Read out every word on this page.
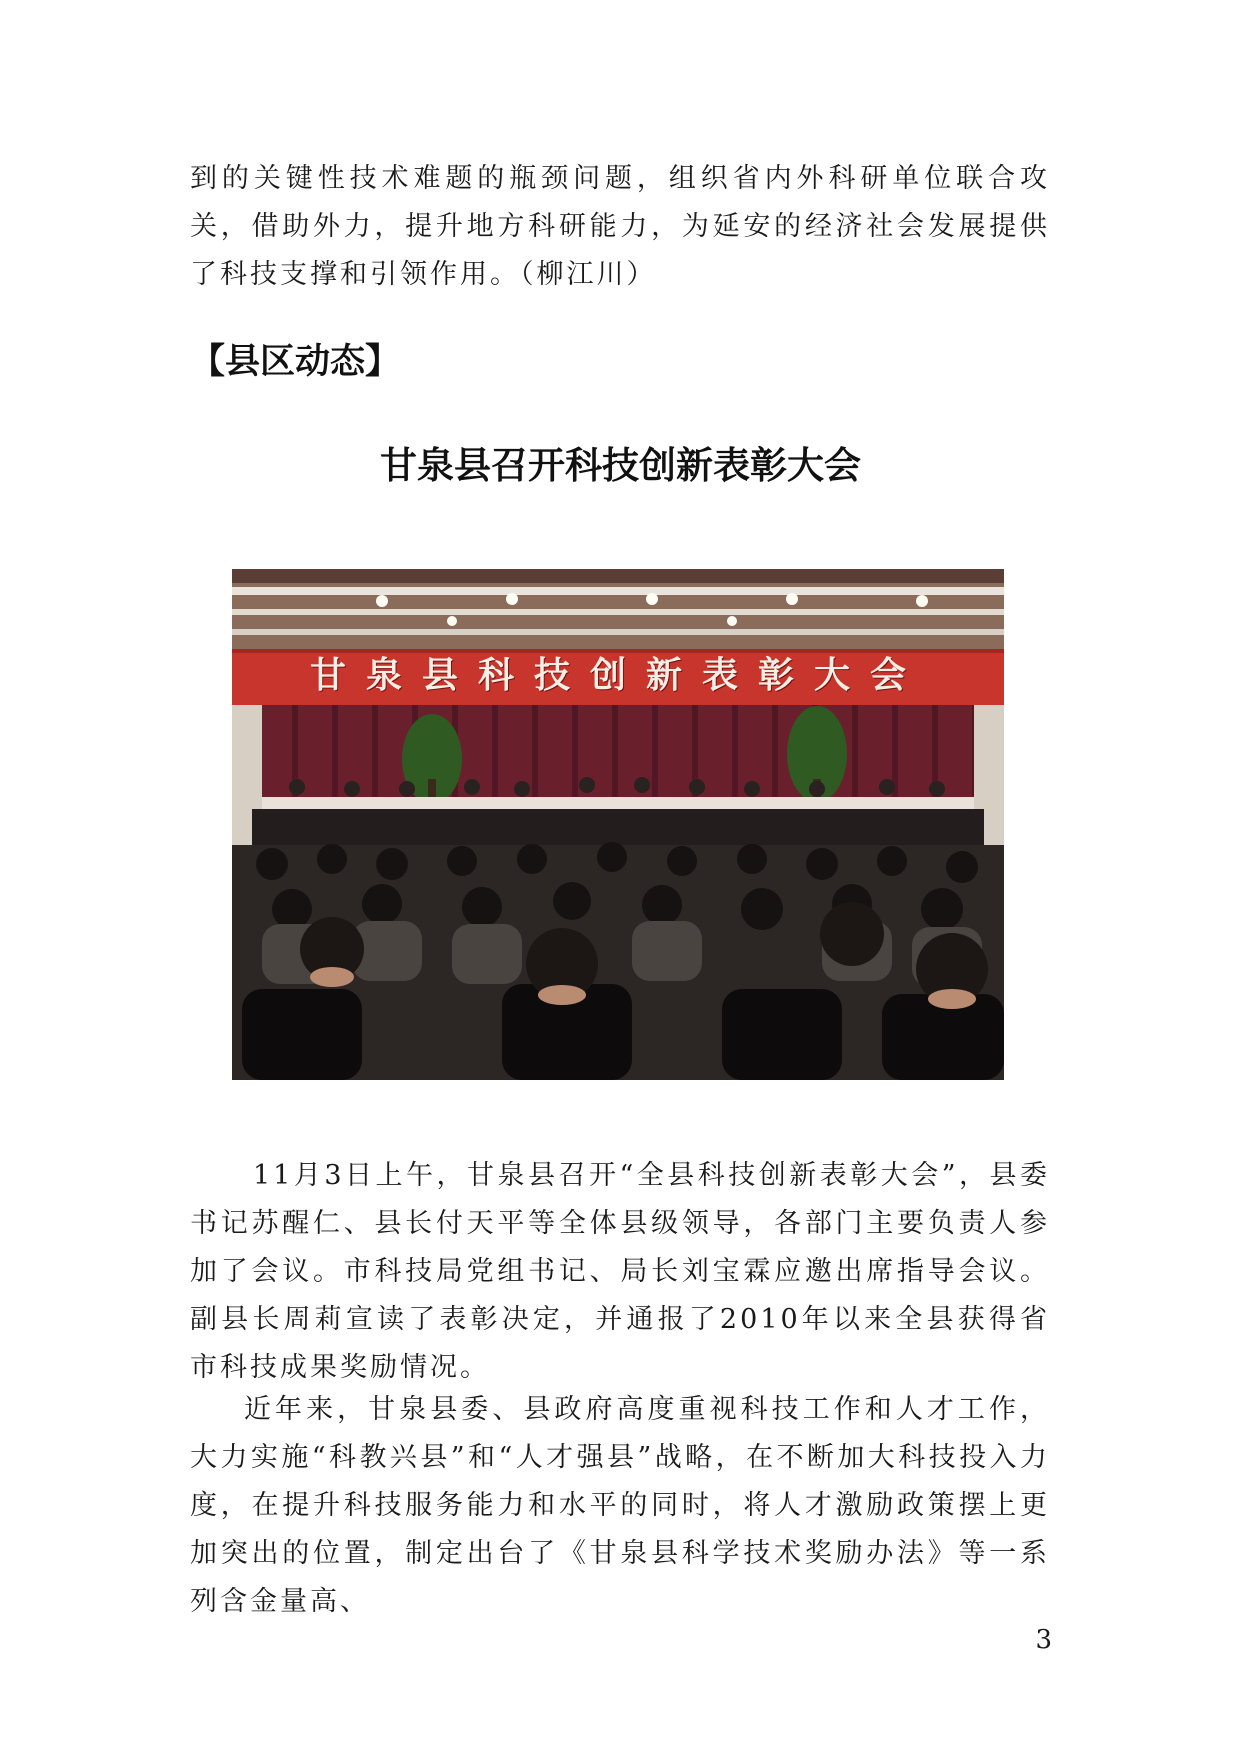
到的关键性技术难题的瓶颈问题，组织省内外科研单位联合攻关，借助外力，提升地方科研能力，为延安的经济社会发展提供了科技支撑和引领作用。（柳江川）

【县区动态】
甘泉县召开科技创新表彰大会
甘泉县科技创新表彰大会

11月3日上午，甘泉县召开“全县科技创新表彰大会”，县委书记苏醒仁、县长付天平等全体县级领导，各部门主要负责人参加了会议。市科技局党组书记、局长刘宝霖应邀出席指导会议。副县长周莉宣读了表彰决定，并通报了2010年以来全县获得省市科技成果奖励情况。

近年来，甘泉县委、县政府高度重视科技工作和人才工作，大力实施“科教兴县”和“人才强县”战略，在不断加大科技投入力度，在提升科技服务能力和水平的同时，将人才激励政策摆上更加突出的位置，制定出台了《甘泉县科学技术奖励办法》等一系列含金量高、

3
